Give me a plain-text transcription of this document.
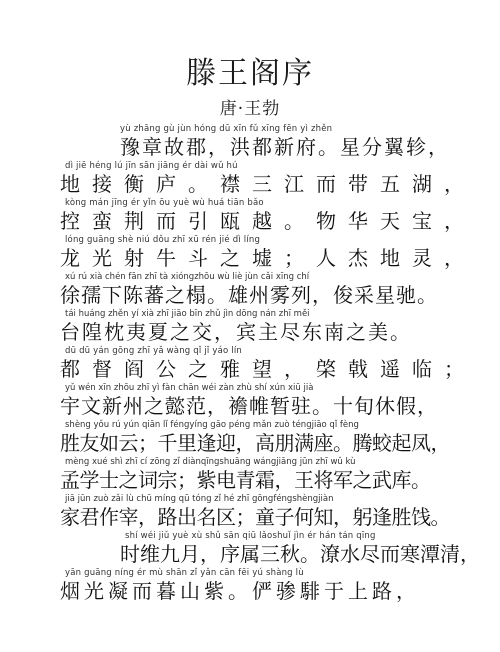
滕王阁序
唐·王勃
yù zhāng gù jùn hóng dū xīn fǔ xīng fēn yì zhěn
豫章故郡，洪都新府。星分翼轸，
dì jiē héng lú jīn sān jiāng ér dài wǔ hú
地接衡庐。襟三江而带五湖，
kòng mán jīng ér yǐn ōu yuè wù huá tiān bǎo
控蛮荆而引瓯越。物华天宝，
lóng guāng shè niú dǒu zhī xū rén jié dì líng
龙光射牛斗之墟；人杰地灵，
xú rú xià chén fān zhī tà xióngzhōu wù liè jùn cǎi xīng chí
徐孺下陈蕃之榻。雄州雾列，俊采星驰。
tái huáng zhěn yí xià zhī jiāo bīn zhǔ jìn dōng nán zhī měi
台隍枕夷夏之交，宾主尽东南之美。
dū dū yán gōng zhī yǎ wàng qǐ jǐ yáo lín
都督阎公之雅望，棨戟遥临；
yǔ wén xīn zhōu zhī yì fàn chān wéi zàn zhù shí xún xiū jià
宇文新州之懿范，襜帷暂驻。十旬休假，
shèng yǒu rú yún qiān lǐ féngyíng gāo péng mǎn zuò téngjiāo qǐ fèng
胜友如云；千里逢迎，高朋满座。腾蛟起凤，
mèng xué shì zhī cí zōng zǐ diànqīngshuāng wángjiāng jūn zhī wǔ kù
孟学士之词宗；紫电青霜，王将军之武库。
jiā jūn zuò zǎi lù chū míng qū tóng zǐ hé zhī gōngféngshèngjiàn
家君作宰，路出名区；童子何知，躬逢胜饯。
shí wéi jiǔ yuè xù shǔ sān qiū lǎoshuǐ jìn ér hán tán qīng
时维九月，序属三秋。潦水尽而寒潭清，
yān guāng níng ér mù shān zǐ yǎn cān fēi yú shàng lù
烟光凝而暮山紫。俨骖騑于上路，
